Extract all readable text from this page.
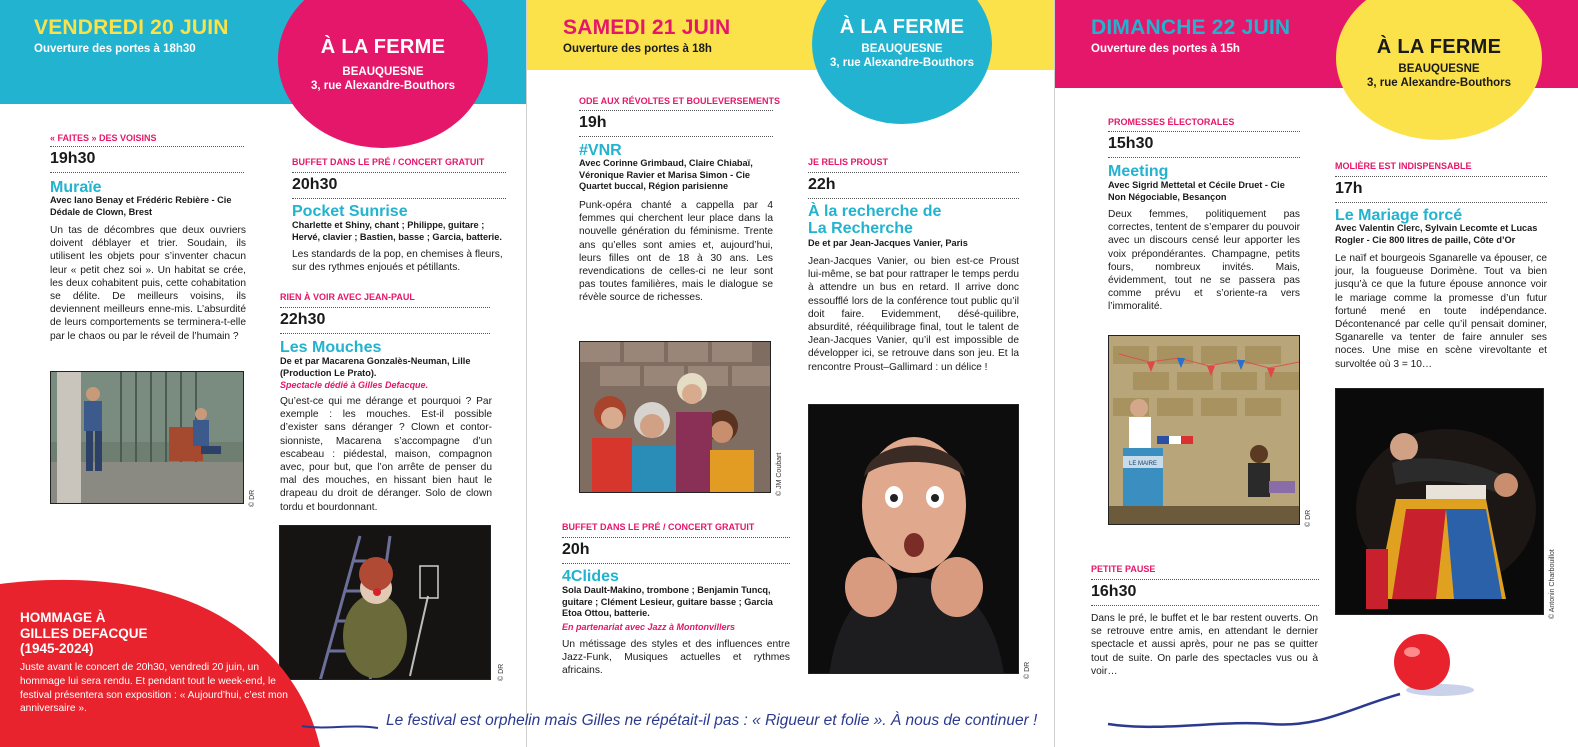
VENDREDI 20 JUIN
Ouverture des portes à 18h30	À LA FERME
BEAUQUESNE
3, rue Alexandre-Bouthors
« FAITES » DES VOISINS
19h30
Muraïe
Avec Iano Benay et Frédéric Rebière - Cie Dédale de Clown, Brest
Un tas de décombres que deux ouvriers doivent déblayer et trier. Soudain, ils utilisent les objets pour s’inventer chacun leur « petit chez soi ». Un habitat se crée, les deux cohabitent puis, cette cohabitation se délite. De meilleurs voisins, ils deviennent meilleurs enne-mis. L’absurdité de leurs comportements se terminera-t-elle par le chaos ou par le réveil de l’humain ?
© DR
BUFFET DANS LE PRÉ / CONCERT GRATUIT
20h30
Pocket Sunrise
Charlette et Shiny, chant ; Philippe, guitare ; Hervé, clavier ; Bastien, basse ; Garcia, batterie.
Les standards de la pop, en chemises à fleurs, sur des rythmes enjoués et pétillants.
RIEN À VOIR AVEC JEAN-PAUL
22h30
Les Mouches
De et par Macarena Gonzalès-Neuman, Lille (Production Le Prato).
Spectacle dédié à Gilles Defacque.
Qu’est-ce qui me dérange et pourquoi ? Par exemple : les mouches. Est-il possible d’exister sans déranger ? Clown et contor-sionniste, Macarena s’accompagne d’un escabeau : piédestal, maison, compagnon avec, pour but, que l’on arrête de penser du mal des mouches, en hissant bien haut le drapeau du droit de déranger. Solo de clown tordu et bourdonnant.
© DR
HOMMAGE À
GILLES DEFACQUE
(1945-2024)
Juste avant le concert de 20h30, vendredi 20 juin, un hommage lui sera rendu. Et pendant tout le week-end, le festival présentera son exposition : « Aujourd’hui, c’est mon anniversaire ».
SAMEDI 21 JUIN
Ouverture des portes à 18h
À LA FERME
BEAUQUESNE
3, rue Alexandre-Bouthors
ODE AUX RÉVOLTES ET BOULEVERSEMENTS
19h
#VNR
Avec Corinne Grimbaud, Claire Chiabaï, Véronique Ravier et Marisa Simon - Cie Quartet buccal, Région parisienne
Punk-opéra chanté a cappella par 4 femmes qui cherchent leur place dans la nouvelle génération du féminisme. Trente ans qu’elles sont amies et, aujourd’hui, leurs filles ont de 18 à 30 ans. Les revendications de celles-ci ne leur sont pas toutes familières, mais le dialogue se révèle source de richesses.
© JM Coubart
JE RELIS PROUST
22h
À la recherche de
La Recherche
De et par Jean-Jacques Vanier, Paris
Jean-Jacques Vanier, ou bien est-ce Proust lui-même, se bat pour rattraper le temps perdu à attendre un bus en retard. Il arrive donc essoufflé lors de la conférence tout public qu’il doit faire. Evidemment, désé-quilibre, absurdité, rééquilibrage final, tout le talent de Jean-Jacques Vanier, qu’il est impossible de développer ici, se retrouve dans son jeu. Et la rencontre Proust–Gallimard : un délice !
© DR
BUFFET DANS LE PRÉ / CONCERT GRATUIT
20h
4Clides
Sola Dault-Makino, trombone ; Benjamin Tuncq, guitare ; Clément Lesieur, guitare basse ; Garcia Etoa Ottou, batterie.
En partenariat avec Jazz à Montonvillers
Un métissage des styles et des influences entre Jazz-Funk, Musiques actuelles et rythmes africains.
DIMANCHE 22 JUIN
Ouverture des portes à 15h	À LA FERME
BEAUQUESNE
3, rue Alexandre-Bouthors
PROMESSES ÉLECTORALES
15h30
Meeting
Avec Sigrid Mettetal et Cécile Druet - Cie Non Négociable, Besançon
Deux femmes, politiquement pas correctes, tentent de s’emparer du pouvoir avec un discours censé leur apporter les voix prépondérantes. Champagne, petits fours, nombreux invités. Mais, évidemment, tout ne se passera pas comme prévu et s’oriente-ra vers l’immoralité.
LE MAIRE
© DR
MOLIÈRE EST INDISPENSABLE
17h
Le Mariage forcé
Avec Valentin Clerc, Sylvain Lecomte et Lucas Rogler - Cie 800 litres de paille, Côte d’Or
Le naïf et bourgeois Sganarelle va épouser, ce jour, la fougueuse Dorimène. Tout va bien jusqu’à ce que la future épouse annonce voir le mariage comme la promesse d’un futur fortuné mené en toute indépendance. Décontenancé par celle qu’il pensait dominer, Sganarelle va tenter de faire annuler ses noces. Une mise en scène virevoltante et survoltée où 3 = 10…
© Antonin Charbouillot
PETITE PAUSE
16h30
Dans le pré, le buffet et le bar restent ouverts. On se retrouve entre amis, en attendant le dernier spectacle et aussi après, pour ne pas se quitter tout de suite. On parle des spectacles vus ou à voir…
Le festival est orphelin mais Gilles ne répétait-il pas : « Rigueur et folie ». À nous de continuer !
